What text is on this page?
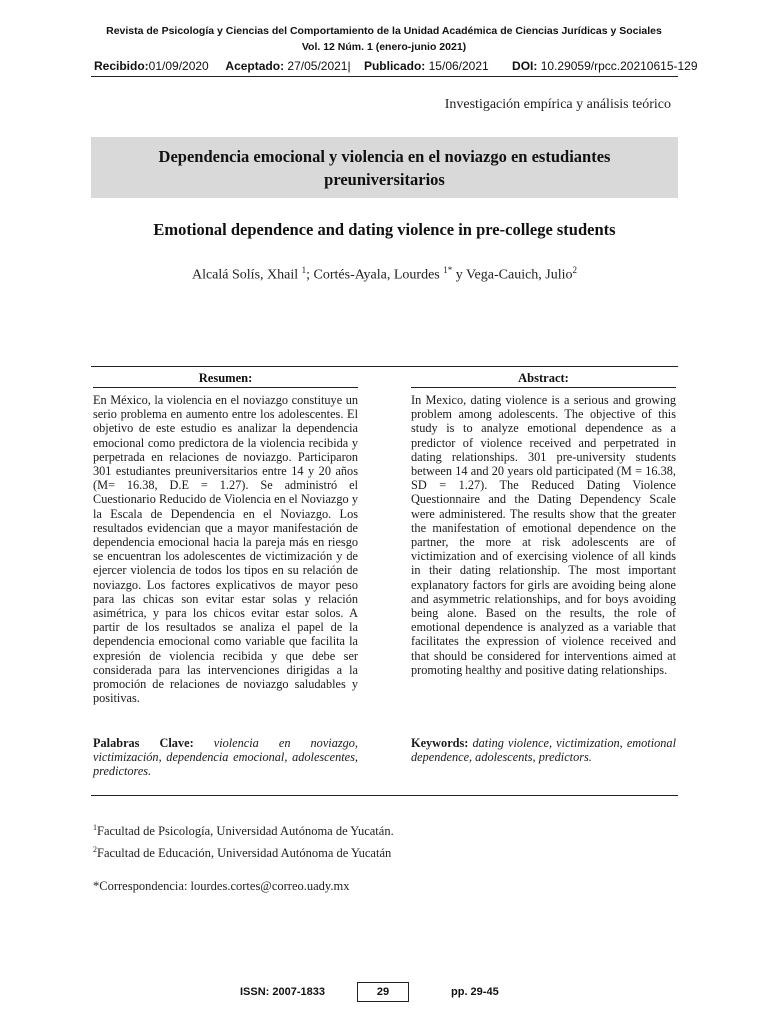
Revista de Psicología y Ciencias del Comportamiento de la Unidad Académica de Ciencias Jurídicas y Sociales
Vol. 12 Núm. 1 (enero-junio 2021)
Recibido:01/09/2020 Aceptado: 27/05/2021| Publicado: 15/06/2021 DOI: 10.29059/rpcc.20210615-129
Investigación empírica y análisis teórico
Dependencia emocional y violencia en el noviazgo en estudiantes preuniversitarios
Emotional dependence and dating violence in pre-college students
Alcalá Solís, Xhail $^1$; Cortés-Ayala, Lourdes $^{1*}$ y Vega-Cauich, Julio$^2$
Resumen:
En México, la violencia en el noviazgo constituye un serio problema en aumento entre los adolescentes. El objetivo de este estudio es analizar la dependencia emocional como predictora de la violencia recibida y perpetrada en relaciones de noviazgo. Participaron 301 estudiantes preuniversitarios entre 14 y 20 años (M= 16.38, D.E = 1.27). Se administró el Cuestionario Reducido de Violencia en el Noviazgo y la Escala de Dependencia en el Noviazgo. Los resultados evidencian que a mayor manifestación de dependencia emocional hacia la pareja más en riesgo se encuentran los adolescentes de victimización y de ejercer violencia de todos los tipos en su relación de noviazgo. Los factores explicativos de mayor peso para las chicas son evitar estar solas y relación asimétrica, y para los chicos evitar estar solos. A partir de los resultados se analiza el papel de la dependencia emocional como variable que facilita la expresión de violencia recibida y que debe ser considerada para las intervenciones dirigidas a la promoción de relaciones de noviazgo saludables y positivas.
Abstract:
In Mexico, dating violence is a serious and growing problem among adolescents. The objective of this study is to analyze emotional dependence as a predictor of violence received and perpetrated in dating relationships. 301 pre-university students between 14 and 20 years old participated (M = 16.38, SD = 1.27). The Reduced Dating Violence Questionnaire and the Dating Dependency Scale were administered. The results show that the greater the manifestation of emotional dependence on the partner, the more at risk adolescents are of victimization and of exercising violence of all kinds in their dating relationship. The most important explanatory factors for girls are avoiding being alone and asymmetric relationships, and for boys avoiding being alone. Based on the results, the role of emotional dependence is analyzed as a variable that facilitates the expression of violence received and that should be considered for interventions aimed at promoting healthy and positive dating relationships.
Palabras Clave: violencia en noviazgo, victimización, dependencia emocional, adolescentes, predictores.
Keywords: dating violence, victimization, emotional dependence, adolescents, predictors.
$^1$Facultad de Psicología, Universidad Autónoma de Yucatán.
$^2$Facultad de Educación, Universidad Autónoma de Yucatán
*Correspondencia: lourdes.cortes@correo.uady.mx
ISSN: 2007-1833	29	pp. 29-45
